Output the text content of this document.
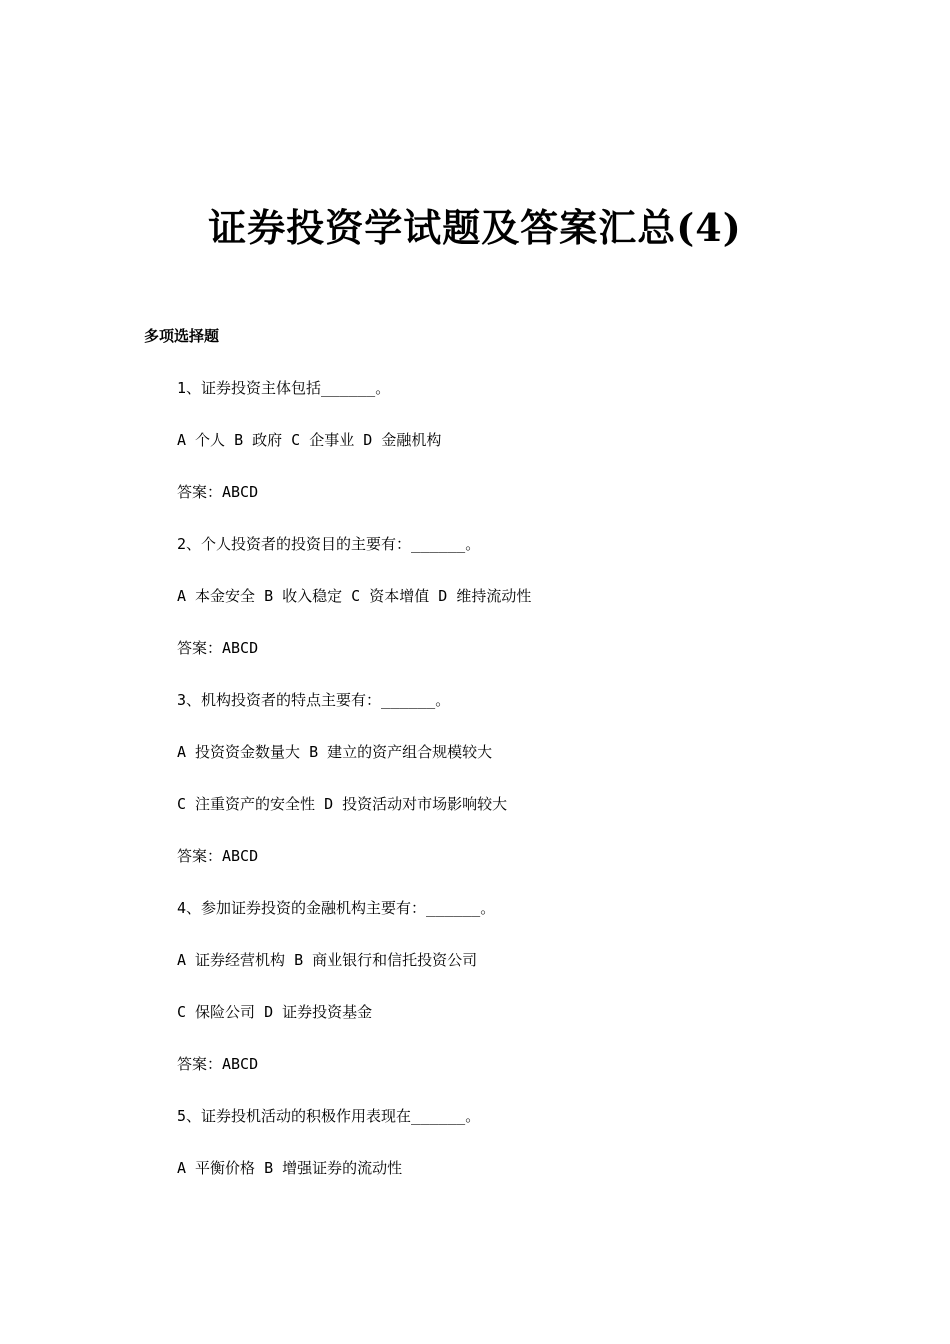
证券投资学试题及答案汇总(4)
多项选择题
1、证券投资主体包括______。
A 个人 B 政府 C 企事业 D 金融机构
答案：ABCD
2、个人投资者的投资目的主要有：______。
A 本金安全 B 收入稳定 C 资本增值 D 维持流动性
答案：ABCD
3、机构投资者的特点主要有：______。
A 投资资金数量大 B 建立的资产组合规模较大
C 注重资产的安全性 D 投资活动对市场影响较大
答案：ABCD
4、参加证券投资的金融机构主要有：______。
A 证券经营机构 B 商业银行和信托投资公司
C 保险公司 D 证券投资基金
答案：ABCD
5、证券投机活动的积极作用表现在______。
A 平衡价格 B 增强证券的流动性
